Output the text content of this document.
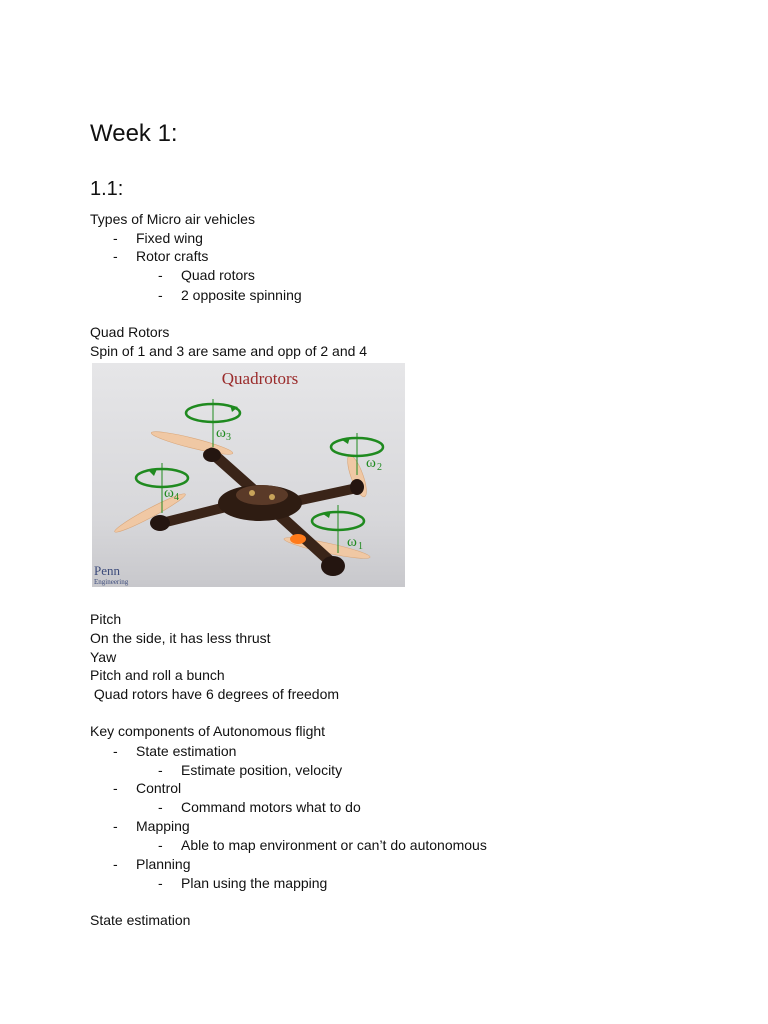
Week 1:
1.1:
Types of Micro air vehicles
- Fixed wing
- Rotor crafts
- Quad rotors
- 2 opposite spinning
Quad Rotors
Spin of 1 and 3 are same and opp of 2 and 4
Quadrotors
ω 3
ω 2
ω 4
ω 1
Penn
Engineering
Pitch
On the side, it has less thrust
Yaw
Pitch and roll a bunch
Quad rotors have 6 degrees of freedom
Key components of Autonomous flight
- State estimation
- Estimate position, velocity
- Control
- Command motors what to do
- Mapping
- Able to map environment or can’t do autonomous
- Planning
- Plan using the mapping
State estimation
